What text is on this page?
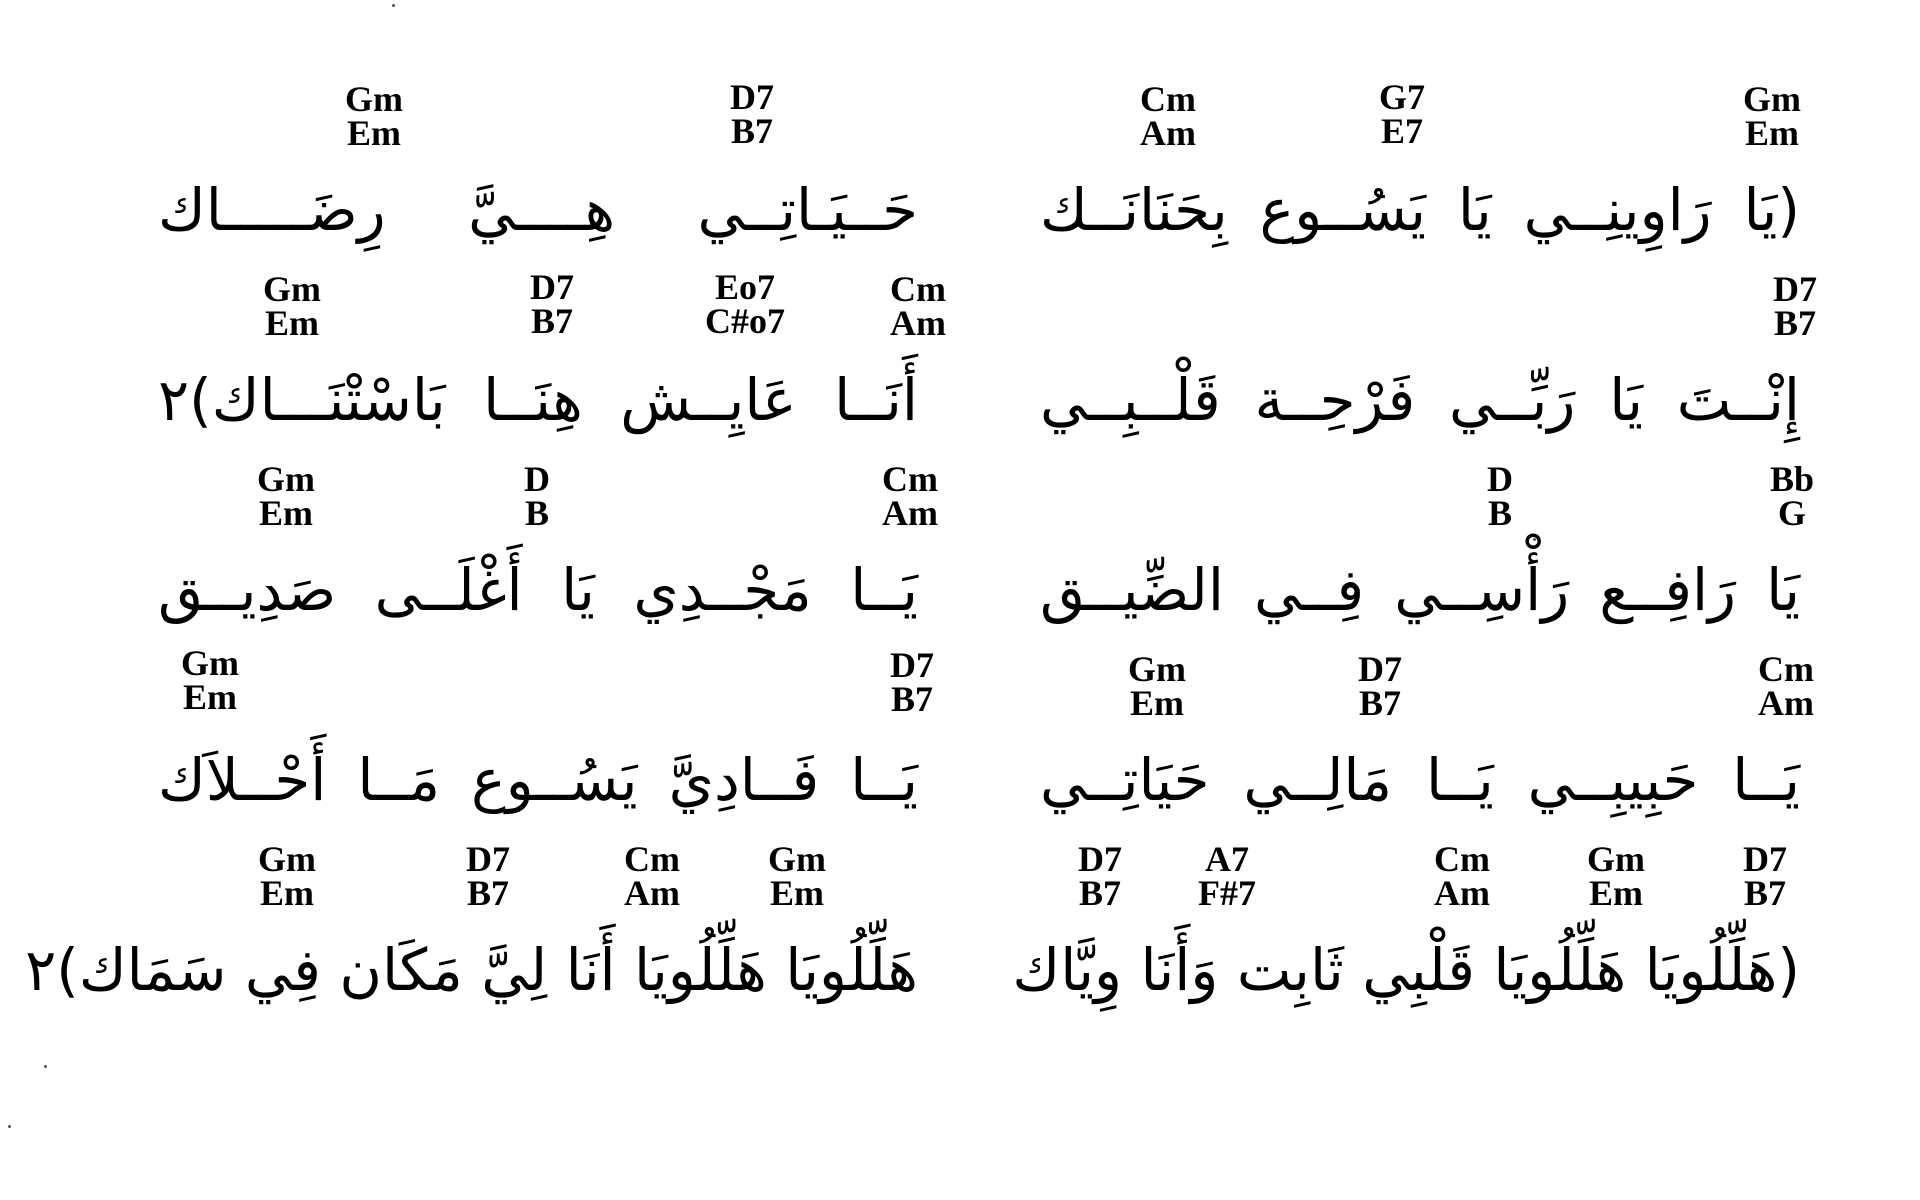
Gm
Em
G7
E7
Cm
Am
(يَا رَاوِينِــي يَا يَسُــوع بِحَنَانَــك
D7
B7
Gm
Em
حَــيَـاتِــي هِــــيَّ رِضَـــــاك
D7
B7
إِنْــتَ يَا رَبِّــي فَرْحِــة قَلْــبِــي
Cm
Am
Eo7
C#o7
D7
B7
Gm
Em
أَنَــا عَايِــش هِنَــا بَاسْتْنَـــاك)٢
Bb
G
D
B
يَا رَافِــع رَأْسِــي فِــي الضِّيــق
Cm
Am
D
B
Gm
Em
يَــا مَجْــدِي يَا أَغْلَــى صَدِيــق
Cm
Am
D7
B7
Gm
Em
يَــا حَبِيبِــي يَــا مَالِــي حَيَاتِــي
D7
B7
Gm
Em
يَــا فَــادِيَّ يَسُــوع مَــا أَحْــلاَك
D7
B7
Gm
Em
Cm
Am
A7
F#7
D7
B7
(هَلِّلُويَا هَلِّلُويَا قَلْبِي ثَابِت وَأَنَا وِيَّاك
Gm
Em
Cm
Am
D7
B7
Gm
Em
هَلِّلُويَا هَلِّلُويَا أَنَا لِيَّ مَكَان فِي سَمَاك)٢
